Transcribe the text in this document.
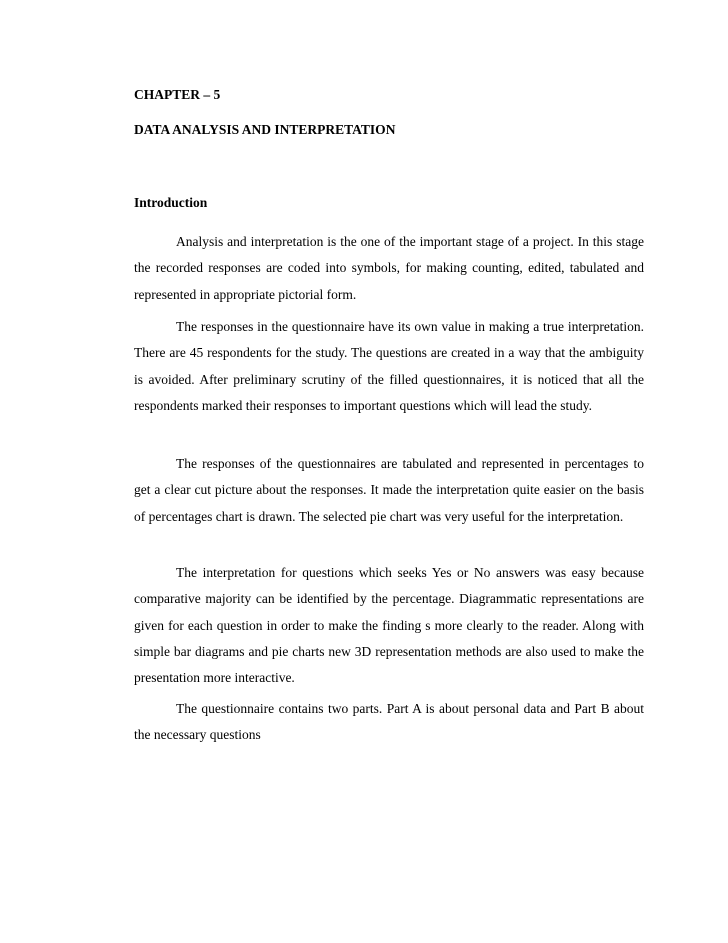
CHAPTER – 5
DATA ANALYSIS AND INTERPRETATION
Introduction

Analysis and interpretation is the one of the important stage of a project. In this stage the recorded responses are coded into symbols, for making counting, edited, tabulated and represented in appropriate pictorial form.

The responses in the questionnaire have its own value in making a true interpretation. There are 45 respondents for the study. The questions are created in a way that the ambiguity is avoided. After preliminary scrutiny of the filled questionnaires, it is noticed that all the respondents marked their responses to important questions which will lead the study.

The responses of the questionnaires are tabulated and represented in percentages to get a clear cut picture about the responses. It made the interpretation quite easier on the basis of percentages chart is drawn. The selected pie chart was very useful for the interpretation.

The interpretation for questions which seeks Yes or No answers was easy because comparative majority can be identified by the percentage. Diagrammatic representations are given for each question in order to make the finding s more clearly to the reader. Along with simple bar diagrams and pie charts new 3D representation methods are also used to make the presentation more interactive.

The questionnaire contains two parts. Part A is about personal data and Part B about the necessary questions
